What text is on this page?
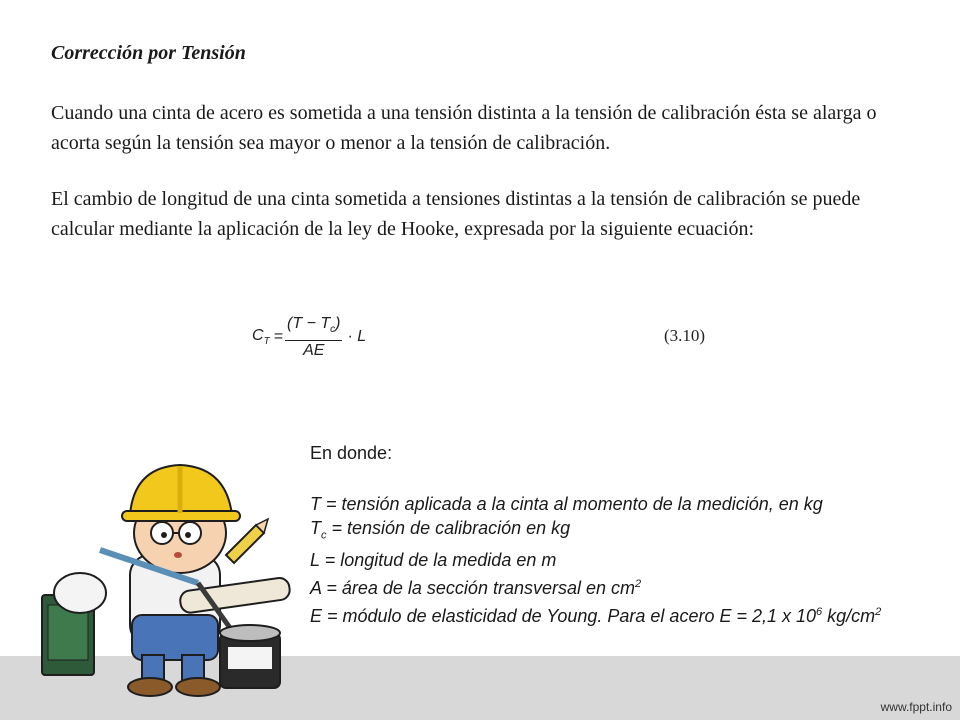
Corrección por Tensión
Cuando una cinta de acero es sometida a una tensión distinta a la tensión de calibración ésta se alarga o acorta según la tensión sea mayor o menor a la tensión de calibración.
El cambio de longitud de una cinta sometida a tensiones distintas a la tensión de calibración se puede calcular mediante la aplicación de la ley de Hooke, expresada por la siguiente ecuación:
$C_T = \frac{(T - T_c)}{AE} \cdot L$	(3.10)
En donde:
T = tensión aplicada a la cinta al momento de la medición, en kg
$T_c$ = tensión de calibración en kg
L = longitud de la medida en m
A = área de la sección transversal en $cm^2$
E = módulo de elasticidad de Young. Para el acero E = 2,1 x $10^6$ $kg/cm^2$
www.fppt.info
